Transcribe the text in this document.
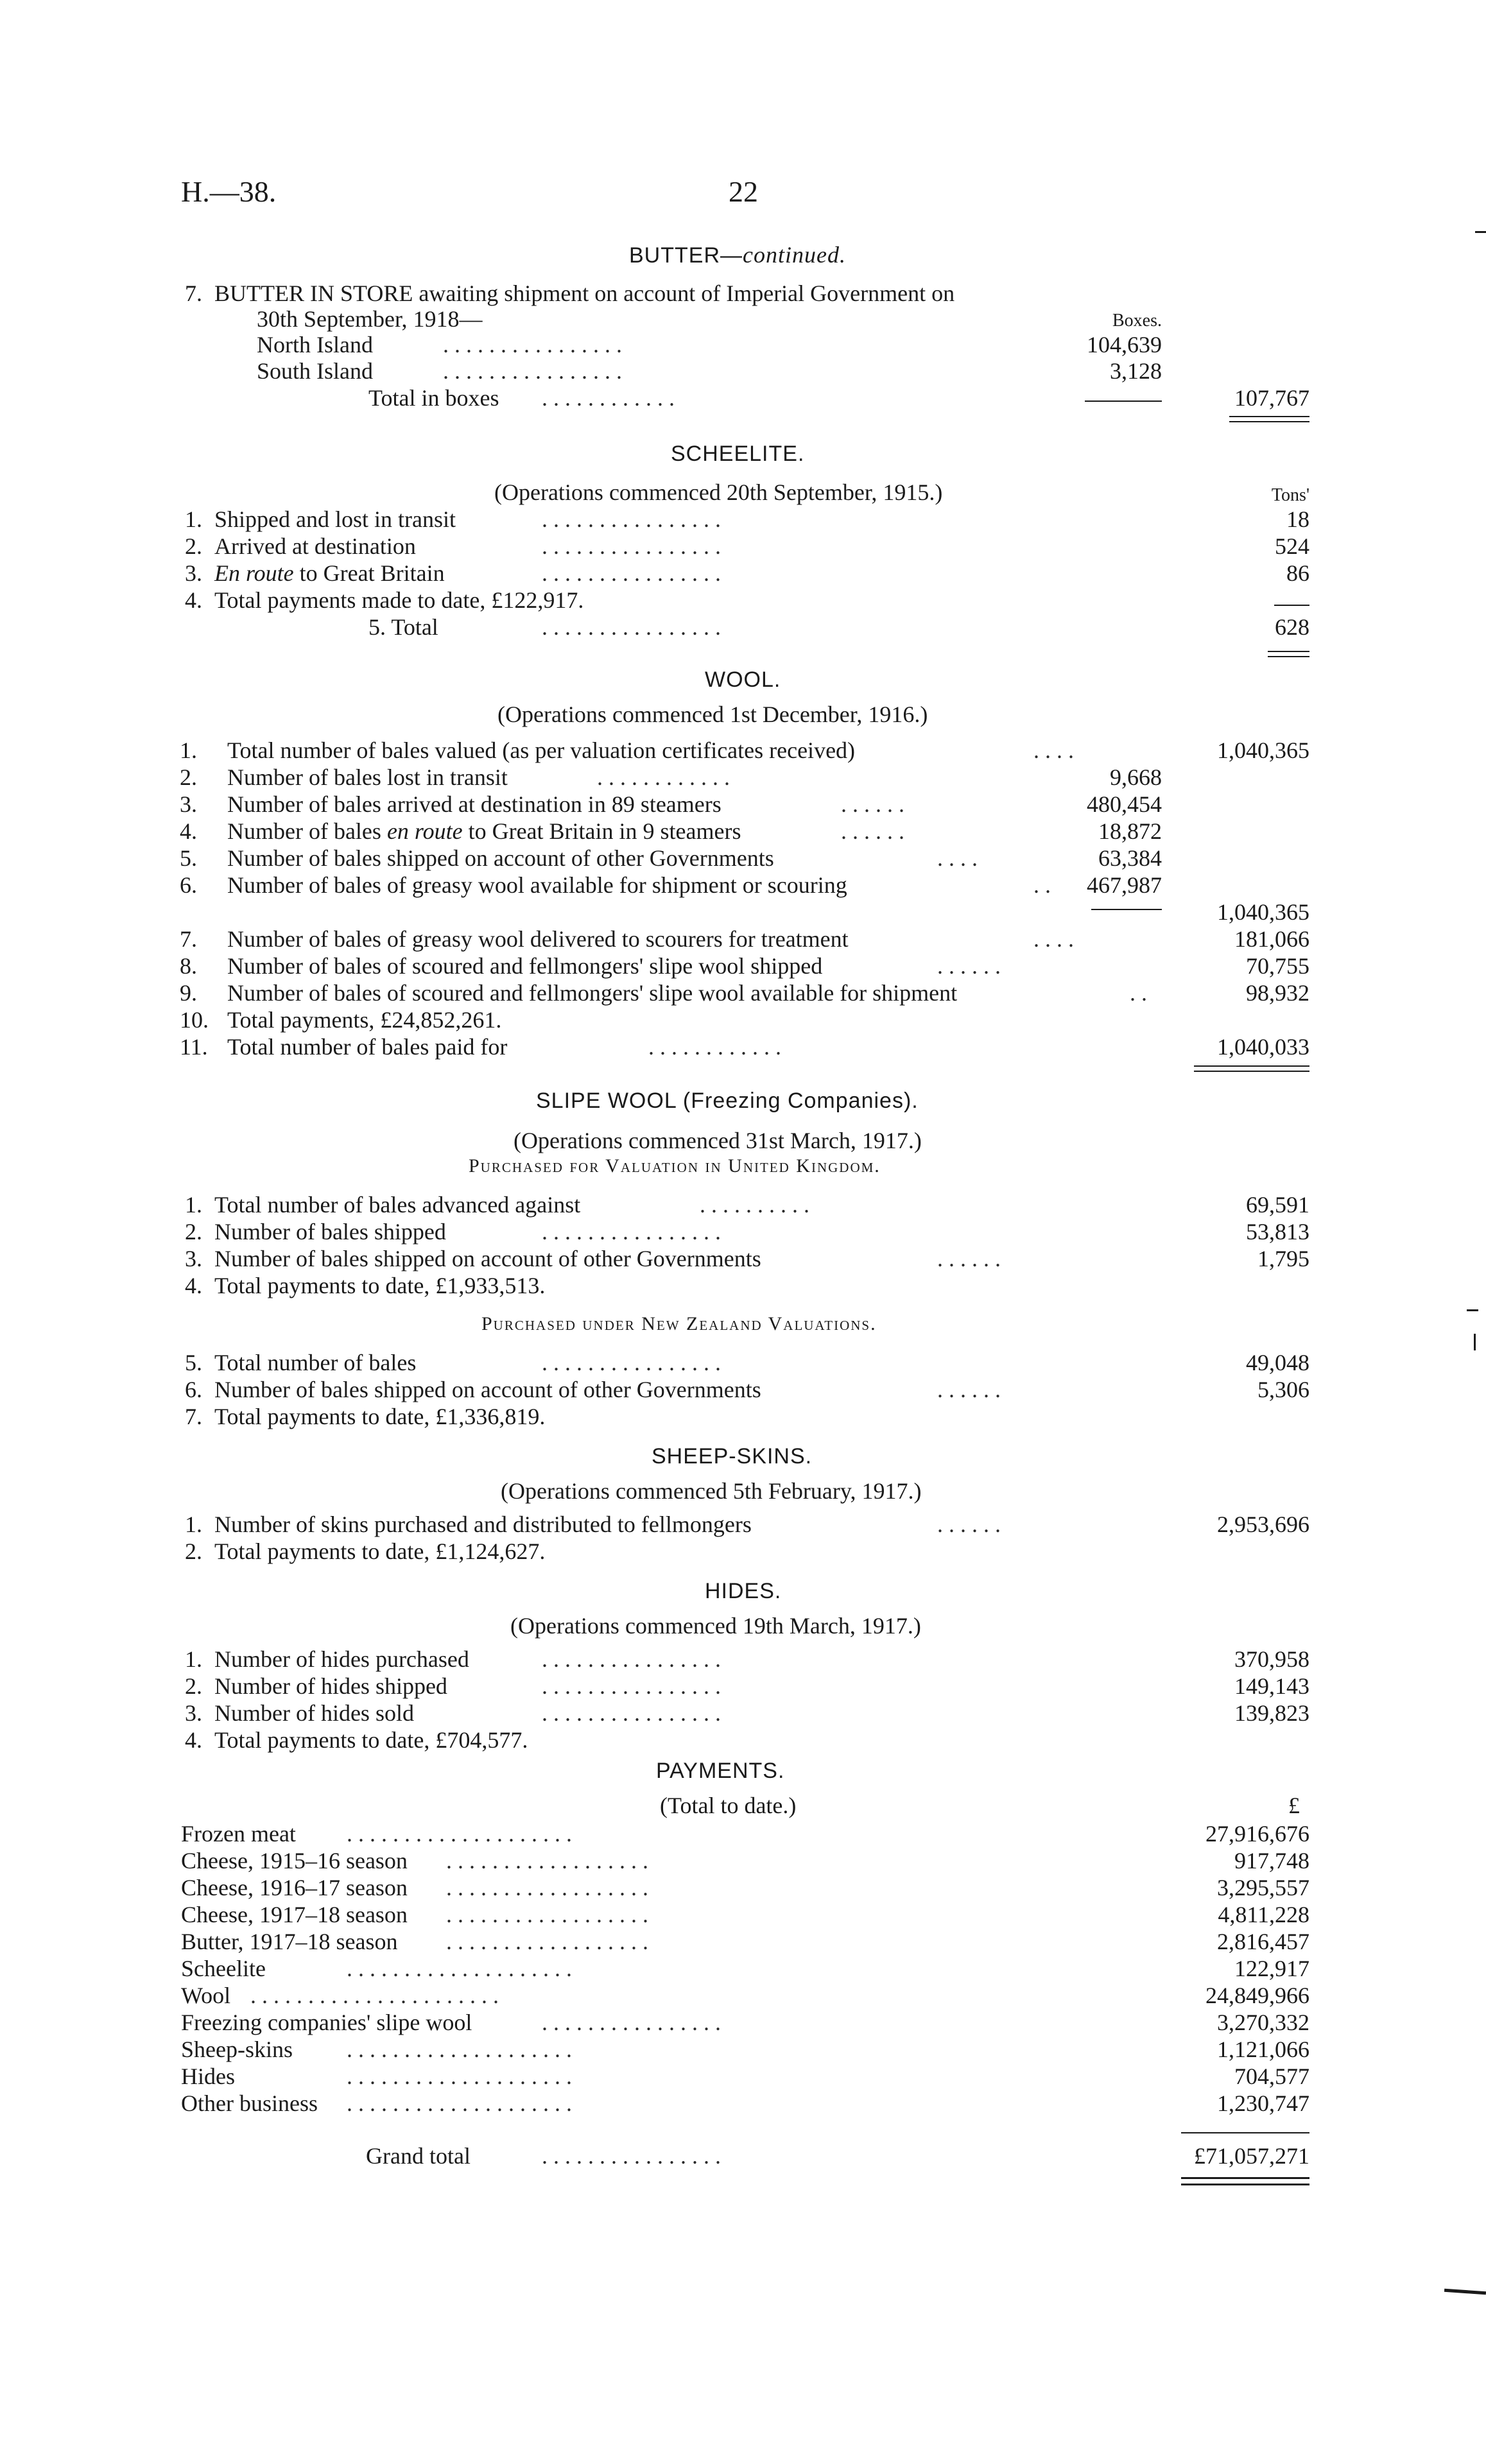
H.—38.	22
BUTTER—continued.
7. BUTTER IN STORE awaiting shipment on account of Imperial Government on
30th September, 1918—	Boxes.
North Island	. . . . . . . . . . . . . . . .	104,639
South Island	. . . . . . . . . . . . . . . .	3,128
Total in boxes . . . . . . . . . . . .	107,767
SCHEELITE.
(Operations commenced 20th September, 1915.)	Tons'
1. Shipped and lost in transit	. . . . . . . . . . . . . . . .	18
2. Arrived at destination	. . . . . . . . . . . . . . . .	524
3. En route to Great Britain	. . . . . . . . . . . . . . . .	86
4. Total payments made to date, £122,917.
5. Total	. . . . . . . . . . . . . . . .	628
WOOL.
(Operations commenced 1st December, 1916.)
1. Total number of bales valued (as per valuation certificates received)	. . . .	1,040,365
2. Number of bales lost in transit	. . . . . . . . . . . .	9,668
3. Number of bales arrived at destination in 89 steamers	. . . . . .	480,454
4. Number of bales en route to Great Britain in 9 steamers	. . . . . .	18,872
5. Number of bales shipped on account of other Governments	. . . .	63,384
6. Number of bales of greasy wool available for shipment or scouring	. . 467,987
1,040,365
7. Number of bales of greasy wool delivered to scourers for treatment	. . . .	181,066
8. Number of bales of scoured and fellmongers' slipe wool shipped	. . . . . .	70,755
9. Number of bales of scoured and fellmongers' slipe wool available for shipment	. .	98,932
10. Total payments, £24,852,261.
11. Total number of bales paid for	. . . . . . . . . . . .	1,040,033
SLIPE WOOL (Freezing Companies).
(Operations commenced 31st March, 1917.)
Purchased for Valuation in United Kingdom.
1. Total number of bales advanced against	. . . . . . . . . .	69,591
2. Number of bales shipped	. . . . . . . . . . . . . . . .	53,813
3. Number of bales shipped on account of other Governments	. . . . . .	1,795
4. Total payments to date, £1,933,513.
Purchased under New Zealand Valuations.
5. Total number of bales	. . . . . . . . . . . . . . . .	49,048
6. Number of bales shipped on account of other Governments	. . . . . .	5,306
7. Total payments to date, £1,336,819.
SHEEP-SKINS.
(Operations commenced 5th February, 1917.)
1. Number of skins purchased and distributed to fellmongers	. . . . . .	2,953,696
2. Total payments to date, £1,124,627.
HIDES.
(Operations commenced 19th March, 1917.)
1. Number of hides purchased	. . . . . . . . . . . . . . . .	370,958
2. Number of hides shipped	. . . . . . . . . . . . . . . .	149,143
3. Number of hides sold	. . . . . . . . . . . . . . . .	139,823
4. Total payments to date, £704,577.
PAYMENTS.
(Total to date.)	£
Frozen meat . . . . . . . . . . . . . . . . . . . .	27,916,676
Cheese, 1915–16 season . . . . . . . . . . . . . . . . . .	917,748
Cheese, 1916–17 season . . . . . . . . . . . . . . . . . .	3,295,557
Cheese, 1917–18 season . . . . . . . . . . . . . . . . . .	4,811,228
Butter, 1917–18 season . . . . . . . . . . . . . . . . . .	2,816,457
Scheelite	. . . . . . . . . . . . . . . . . . . .	122,917
Wool . . . . . . . . . . . . . . . . . . . . . .	24,849,966
Freezing companies' slipe wool	. . . . . . . . . . . . . . . .	3,270,332
Sheep-skins . . . . . . . . . . . . . . . . . . . .	1,121,066
Hides	. . . . . . . . . . . . . . . . . . . .	704,577
Other business . . . . . . . . . . . . . . . . . . . .	1,230,747
Grand total	. . . . . . . . . . . . . . . .	£71,057,271
